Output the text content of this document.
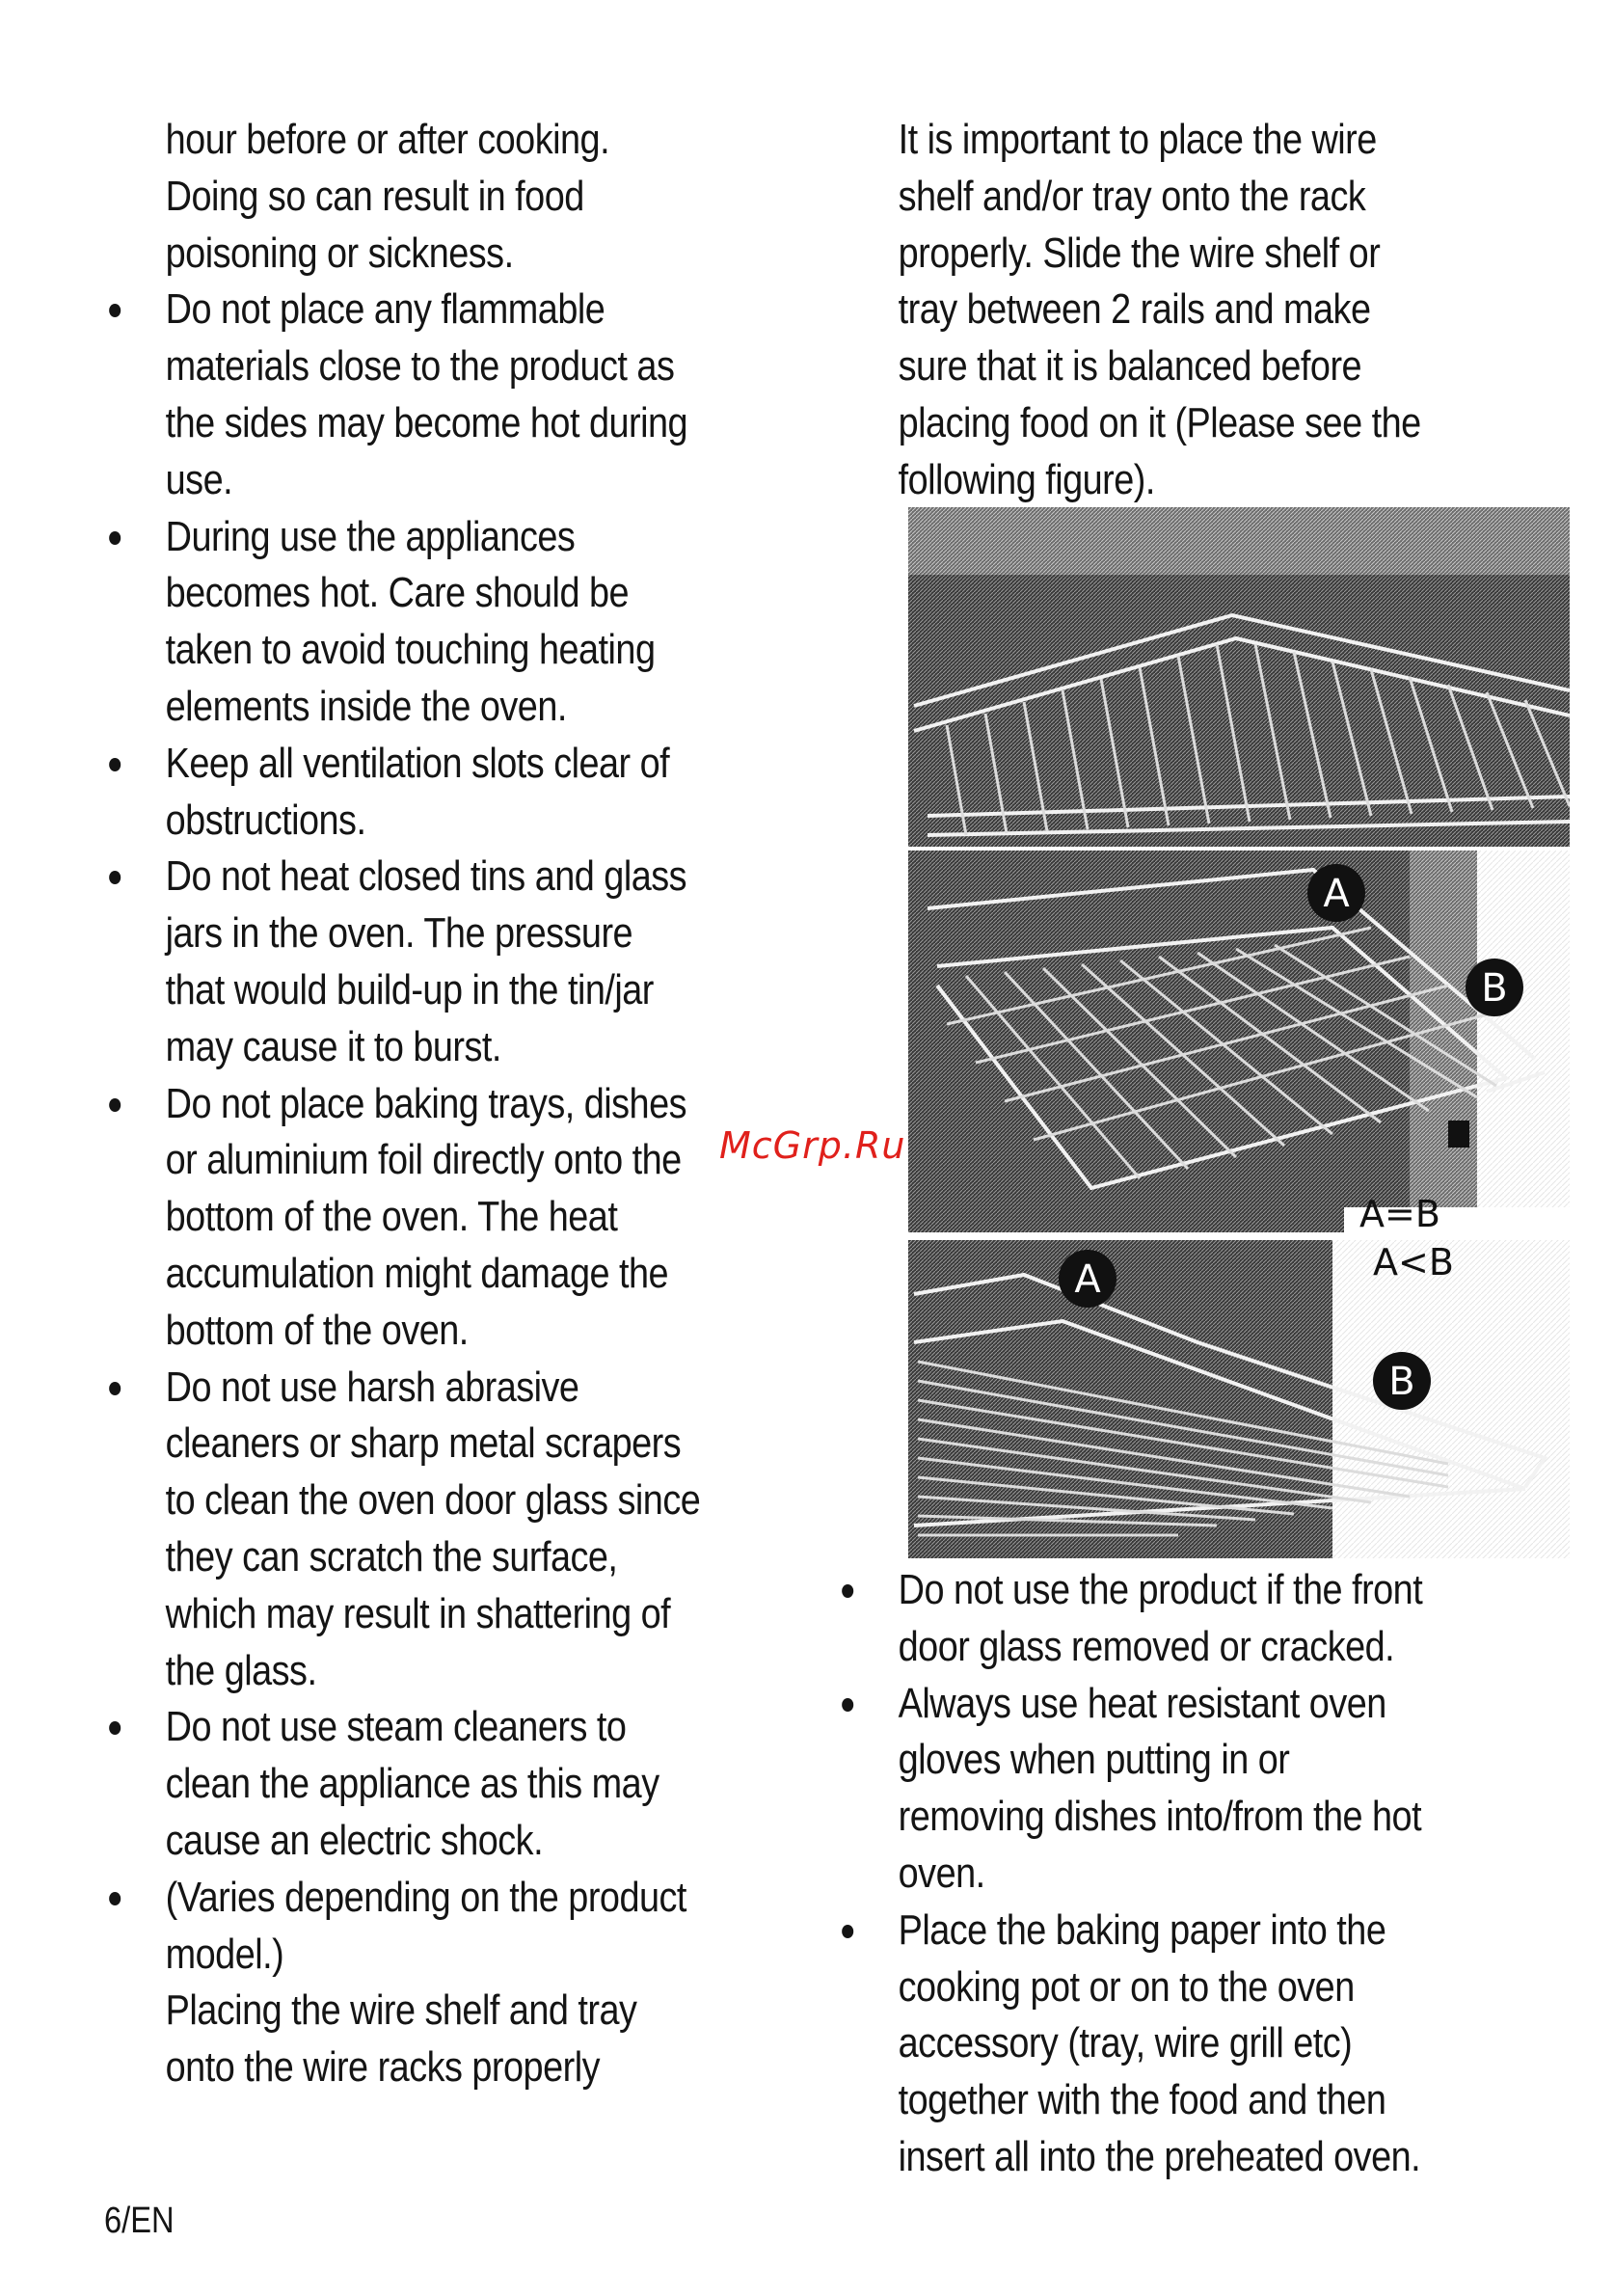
hour before or after cooking.
Doing so can result in food
poisoning or sickness.
Do not place any flammable
materials close to the product as
the sides may become hot during
use.
During use the appliances
becomes hot. Care should be
taken to avoid touching heating
elements inside the oven.
Keep all ventilation slots clear of
obstructions.
Do not heat closed tins and glass
jars in the oven. The pressure
that would build-up in the tin/jar
may cause it to burst.
Do not place baking trays, dishes
or aluminium foil directly onto the
bottom of the oven. The heat
accumulation might damage the
bottom of the oven.
Do not use harsh abrasive
cleaners or sharp metal scrapers
to clean the oven door glass since
they can scratch the surface,
which may result in shattering of
the glass.
Do not use steam cleaners to
clean the appliance as this may
cause an electric shock.
(Varies depending on the product
model.)
Placing the wire shelf and tray
onto the wire racks properly
It is important to place the wire
shelf and/or tray onto the rack
properly. Slide the wire shelf or
tray between 2 rails and make
sure that it is balanced before
placing food on it (Please see the
following figure).
A
B
A=B
A
B
A<B
Do not use the product if the front
door glass removed or cracked.
Always use heat resistant oven
gloves when putting in or
removing dishes into/from the hot
oven.
Place the baking paper into the
cooking pot or on to the oven
accessory (tray, wire grill etc)
together with the food and then
insert all into the preheated oven.
McGrp.Ru
6/EN
